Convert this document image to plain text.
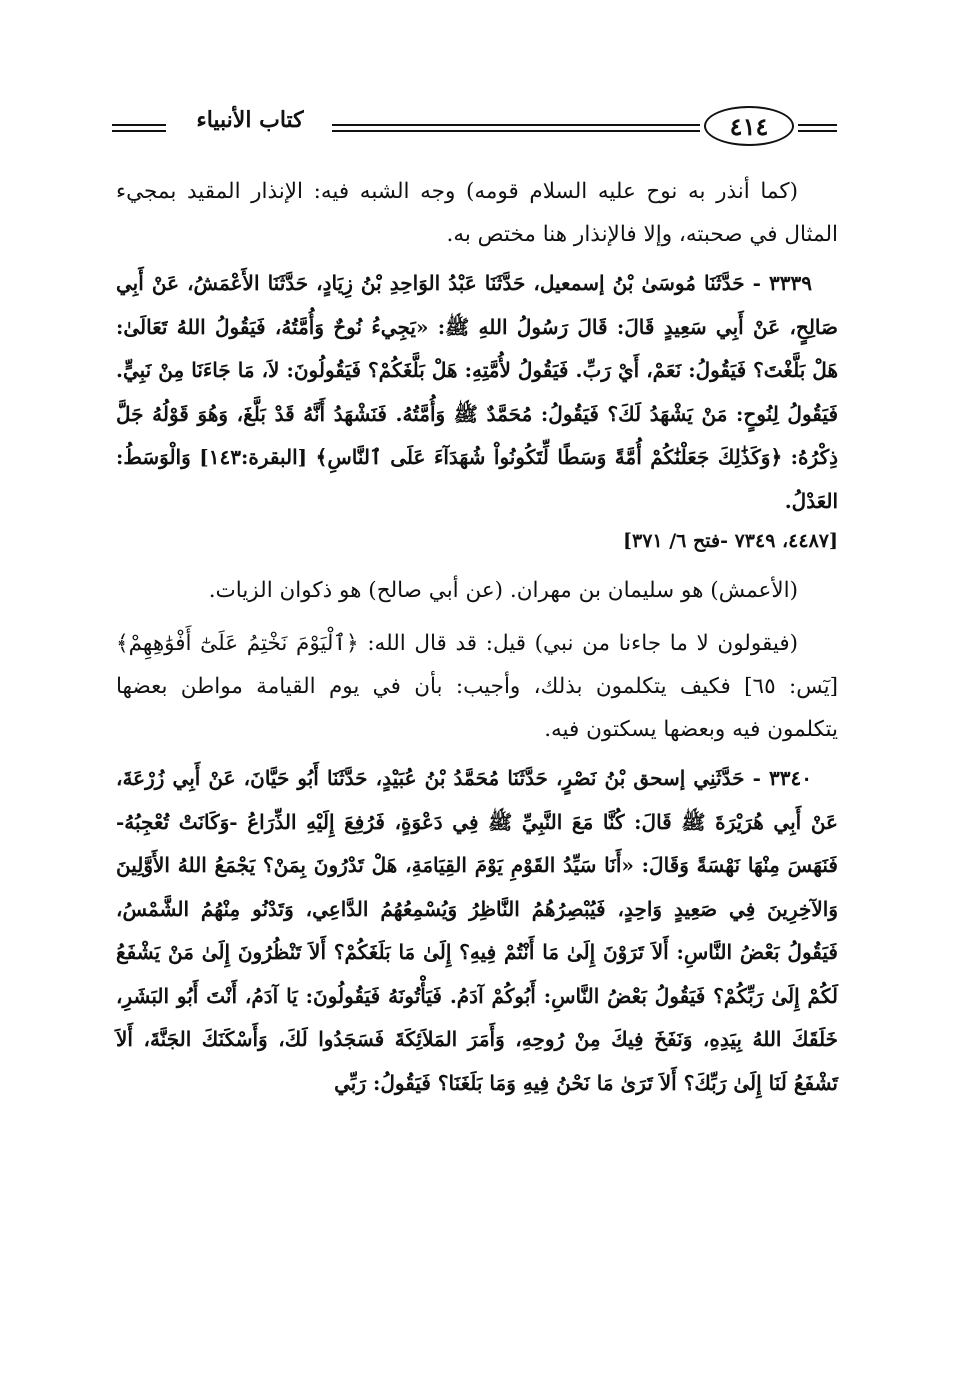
كتاب الأنبياء	٤١٤

(كما أنذر به نوح عليه السلام قومه) وجه الشبه فيه: الإنذار المقيد بمجيء المثال في صحبته، وإلا فالإنذار هنا مختص به.

٣٣٣٩ - حَدَّثَنَا مُوسَىٰ بْنُ إسمعيل، حَدَّثَنَا عَبْدُ الوَاحِدِ بْنُ زِيَادٍ، حَدَّثَنَا الأَعْمَشُ، عَنْ أَبِي صَالِحٍ، عَنْ أَبِي سَعِيدٍ قَالَ: قَالَ رَسُولُ اللهِ ﷺ: «يَجِيءُ نُوحٌ وَأُمَّتُهُ، فَيَقُولُ اللهُ تَعَالَىٰ: هَلْ بَلَّغْتَ؟ فَيَقُولُ: نَعَمْ، أَيْ رَبِّ. فَيَقُولُ لأُمَّتِهِ: هَلْ بَلَّغَكُمْ؟ فَيَقُولُونَ: لاَ، مَا جَاءَنَا مِنْ نَبِيٍّ. فَيَقُولُ لِنُوحٍ: مَنْ يَشْهَدُ لَكَ؟ فَيَقُولُ: مُحَمَّدٌ ﷺ وَأُمَّتُهُ. فَنَشْهَدُ أَنَّهُ قَدْ بَلَّغَ، وَهُوَ قَوْلُهُ جَلَّ ذِكْرُهُ: ﴿وَكَذَٰلِكَ جَعَلْنَٰكُمْ أُمَّةً وَسَطًا لِّتَكُونُواْ شُهَدَآءَ عَلَى ٱلنَّاسِ﴾ [البقرة:١٤٣] وَالْوَسَطُ: العَدْلُ.

[٤٤٨٧، ٧٣٤٩ -فتح ٦/ ٣٧١]

(الأعمش) هو سليمان بن مهران. (عن أبي صالح) هو ذكوان الزيات.

(فيقولون لا ما جاءنا من نبي) قيل: قد قال الله: ﴿ٱلْيَوْمَ نَخْتِمُ عَلَىٰٓ أَفْوَٰهِهِمْ﴾ [يٓس: ٦٥] فكيف يتكلمون بذلك، وأجيب: بأن في يوم القيامة مواطن بعضها يتكلمون فيه وبعضها يسكتون فيه.

٣٣٤٠ - حَدَّثَنِي إسحق بْنُ نَصْرٍ، حَدَّثَنَا مُحَمَّدُ بْنُ عُبَيْدٍ، حَدَّثَنَا أَبُو حَيَّانَ، عَنْ أَبِي زُرْعَةَ، عَنْ أَبِي هُرَيْرَةَ ﷺ قَالَ: كُنَّا مَعَ النَّبِيِّ ﷺ فِي دَعْوَةٍ، فَرُفِعَ إِلَيْهِ الذِّرَاعُ -وَكَانَتْ تُعْجِبُهُ- فَنَهَسَ مِنْهَا نَهْسَةً وَقَالَ: «أَنَا سَيِّدُ القَوْمِ يَوْمَ القِيَامَةِ، هَلْ تَدْرُونَ بِمَنْ؟ يَجْمَعُ اللهُ الأَوَّلِينَ وَالآخِرِينَ فِي صَعِيدٍ وَاحِدٍ، فَيُبْصِرُهُمُ النَّاظِرُ وَيُسْمِعُهُمُ الدَّاعِي، وَتَدْنُو مِنْهُمُ الشَّمْسُ، فَيَقُولُ بَعْضُ النَّاسِ: أَلاَ تَرَوْنَ إِلَىٰ مَا أَنْتُمْ فِيهِ؟ إِلَىٰ مَا بَلَغَكُمْ؟ أَلاَ تَنْظُرُونَ إِلَىٰ مَنْ يَشْفَعُ لَكُمْ إِلَىٰ رَبِّكُمْ؟ فَيَقُولُ بَعْضُ النَّاسِ: أَبُوكُمْ آدَمُ. فَيَأْتُونَهُ فَيَقُولُونَ: يَا آدَمُ، أَنْتَ أَبُو البَشَرِ، خَلَقَكَ اللهُ بِيَدِهِ، وَنَفَخَ فِيكَ مِنْ رُوحِهِ، وَأَمَرَ المَلاَئِكَةَ فَسَجَدُوا لَكَ، وَأَسْكَنَكَ الجَنَّةَ، أَلاَ تَشْفَعُ لَنَا إِلَىٰ رَبِّكَ؟ أَلاَ تَرَىٰ مَا نَحْنُ فِيهِ وَمَا بَلَغَنَا؟ فَيَقُولُ: رَبِّي
